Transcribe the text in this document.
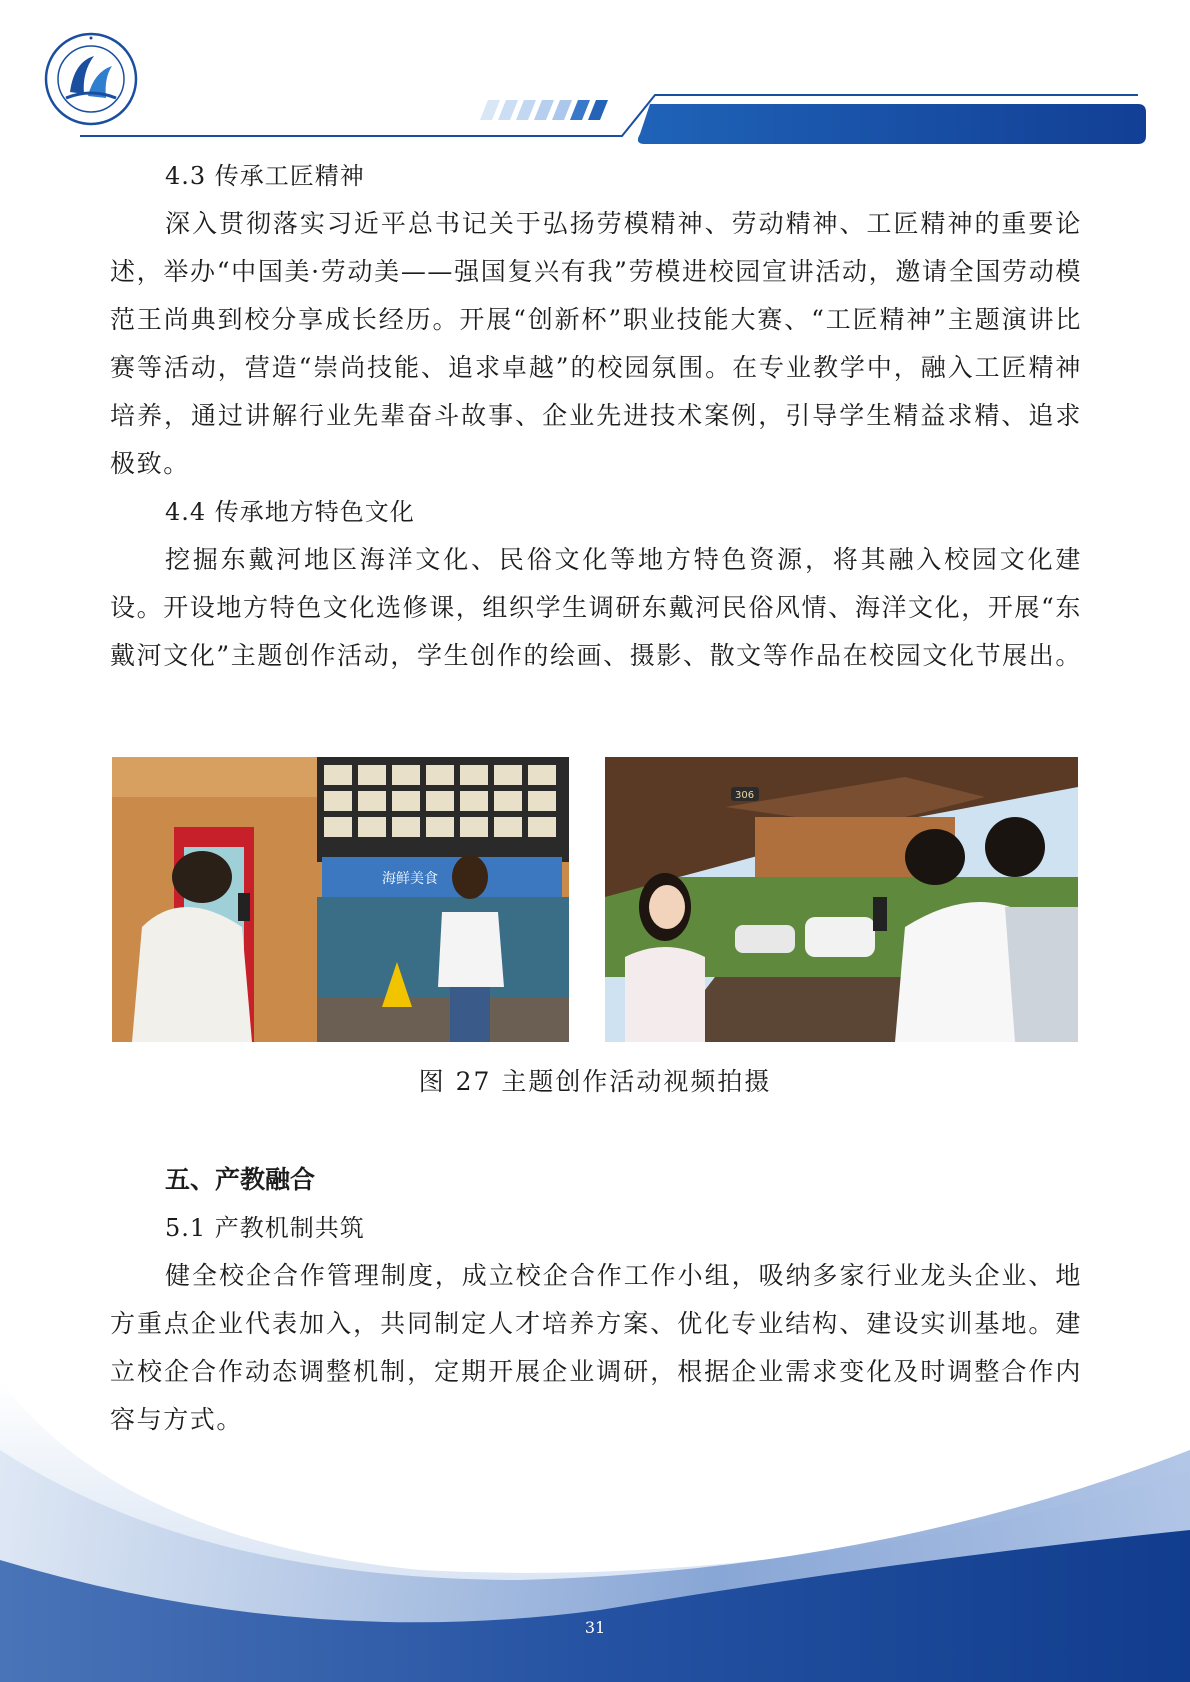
4.3 传承工匠精神

深入贯彻落实习近平总书记关于弘扬劳模精神、劳动精神、工匠精神的重要论述，举办“中国美·劳动美——强国复兴有我”劳模进校园宣讲活动，邀请全国劳动模范王尚典到校分享成长经历。开展“创新杯”职业技能大赛、“工匠精神”主题演讲比赛等活动，营造“崇尚技能、追求卓越”的校园氛围。在专业教学中，融入工匠精神培养，通过讲解行业先辈奋斗故事、企业先进技术案例，引导学生精益求精、追求极致。

4.4 传承地方特色文化

挖掘东戴河地区海洋文化、民俗文化等地方特色资源，将其融入校园文化建设。开设地方特色文化选修课，组织学生调研东戴河民俗风情、海洋文化，开展“东戴河文化”主题创作活动，学生创作的绘画、摄影、散文等作品在校园文化节展出。

海鲜美食
306
图 27 主题创作活动视频拍摄

五、产教融合

5.1 产教机制共筑

健全校企合作管理制度，成立校企合作工作小组，吸纳多家行业龙头企业、地方重点企业代表加入，共同制定人才培养方案、优化专业结构、建设实训基地。建立校企合作动态调整机制，定期开展企业调研，根据企业需求变化及时调整合作内容与方式。

31
